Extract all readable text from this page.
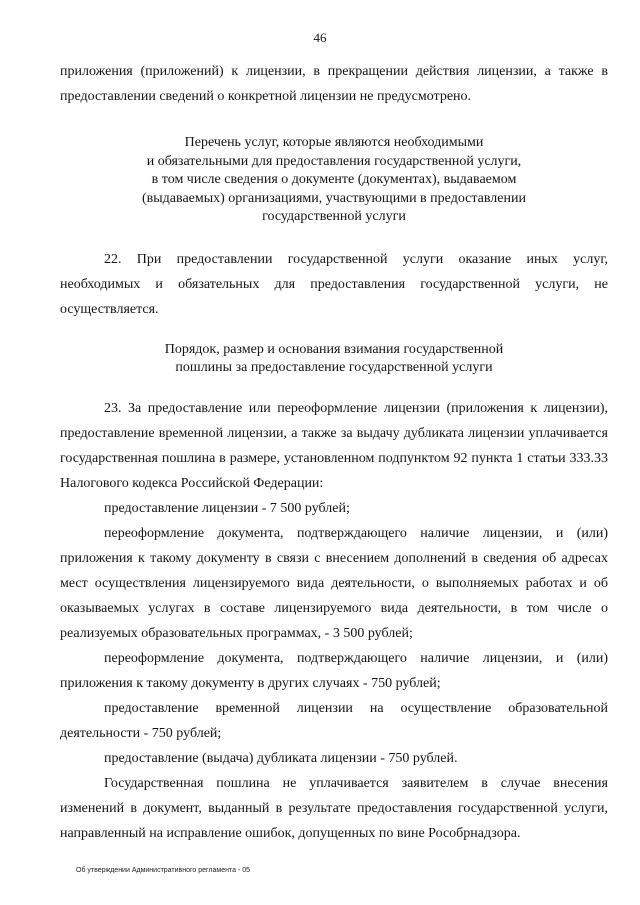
46

приложения (приложений) к лицензии, в прекращении действия лицензии, а также в предоставлении сведений о конкретной лицензии не предусмотрено.

Перечень услуг, которые являются необходимыми
и обязательными для предоставления государственной услуги,
в том числе сведения о документе (документах), выдаваемом
(выдаваемых) организациями, участвующими в предоставлении
государственной услуги

22. При предоставлении государственной услуги оказание иных услуг, необходимых и обязательных для предоставления государственной услуги, не осуществляется.

Порядок, размер и основания взимания государственной
пошлины за предоставление государственной услуги

23. За предоставление или переоформление лицензии (приложения к лицензии), предоставление временной лицензии, а также за выдачу дубликата лицензии уплачивается государственная пошлина в размере, установленном подпунктом 92 пункта 1 статьи 333.33 Налогового кодекса Российской Федерации:

предоставление лицензии - 7 500 рублей;

переоформление документа, подтверждающего наличие лицензии, и (или) приложения к такому документу в связи с внесением дополнений в сведения об адресах мест осуществления лицензируемого вида деятельности, о выполняемых работах и об оказываемых услугах в составе лицензируемого вида деятельности, в том числе о реализуемых образовательных программах, - 3 500 рублей;

переоформление документа, подтверждающего наличие лицензии, и (или) приложения к такому документу в других случаях - 750 рублей;

предоставление временной лицензии на осуществление образовательной деятельности - 750 рублей;

предоставление (выдача) дубликата лицензии - 750 рублей.

Государственная пошлина не уплачивается заявителем в случае внесения изменений в документ, выданный в результате предоставления государственной услуги, направленный на исправление ошибок, допущенных по вине Рособрнадзора.

Об утверждении Административного регламента - 05
